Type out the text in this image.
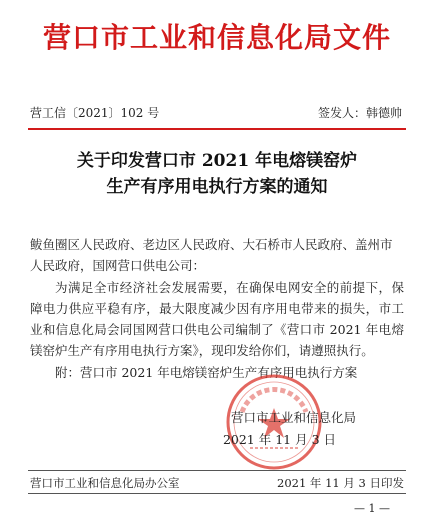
营口市工业和信息化局文件
营工信〔2021〕102 号	签发人：韩德帅
关于印发营口市 2021 年电熔镁窑炉
生产有序用电执行方案的通知
鲅鱼圈区人民政府、老边区人民政府、大石桥市人民政府、盖州市人民政府，国网营口供电公司：
为满足全市经济社会发展需要，在确保电网安全的前提下，保障电力供应平稳有序，最大限度减少因有序用电带来的损失，市工业和信息化局会同国网营口供电公司编制了《营口市 2021 年电熔镁窑炉生产有序用电执行方案》，现印发给你们，请遵照执行。
附：营口市 2021 年电熔镁窑炉生产有序用电执行方案
营口市工业和信息化局
2021 年 11 月 3 日
营口市工业和信息化局办公室	2021 年 11 月 3 日印发
— 1 —
